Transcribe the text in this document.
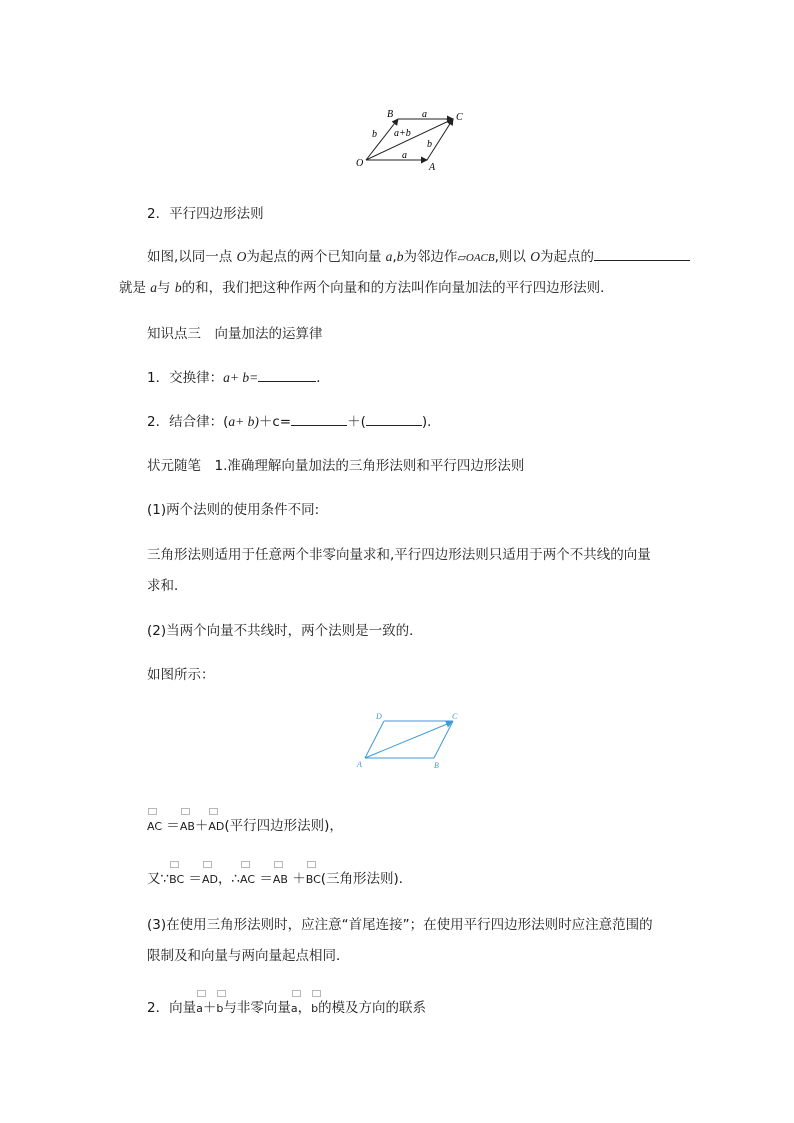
B	a	C
b a+b
b
O
a
A
2．平行四边形法则
如图,以同一点 O为起点的两个已知向量 a,b为邻边作▱OACB,则以 O为起点的
就是 a与 b的和，我们把这种作两个向量和的方法叫作向量加法的平行四边形法则．
知识点三　向量加法的运算律
1．交换律：a+ b=	．
2．结合律：(a+ b)＋c=	＋(	)．
状元随笔　1.准确理解向量加法的三角形法则和平行四边形法则
(1)两个法则的使用条件不同:
三角形法则适用于任意两个非零向量求和,平行四边形法则只适用于两个不共线的向量
求和．
(2)当两个向量不共线时，两个法则是一致的．
如图所示：
D	C
A	B
AC ＝
AB＋
AD(平行四边形法则)，
又∵
BC ＝
AD，∴
AC ＝
AB ＋
BC(三角形法则)．
(3)在使用三角形法则时，应注意“首尾连接”；在使用平行四边形法则时应注意范围的
限制及和向量与两向量起点相同．
2．向量
a＋
b与非零向量
a，
b的模及方向的联系
